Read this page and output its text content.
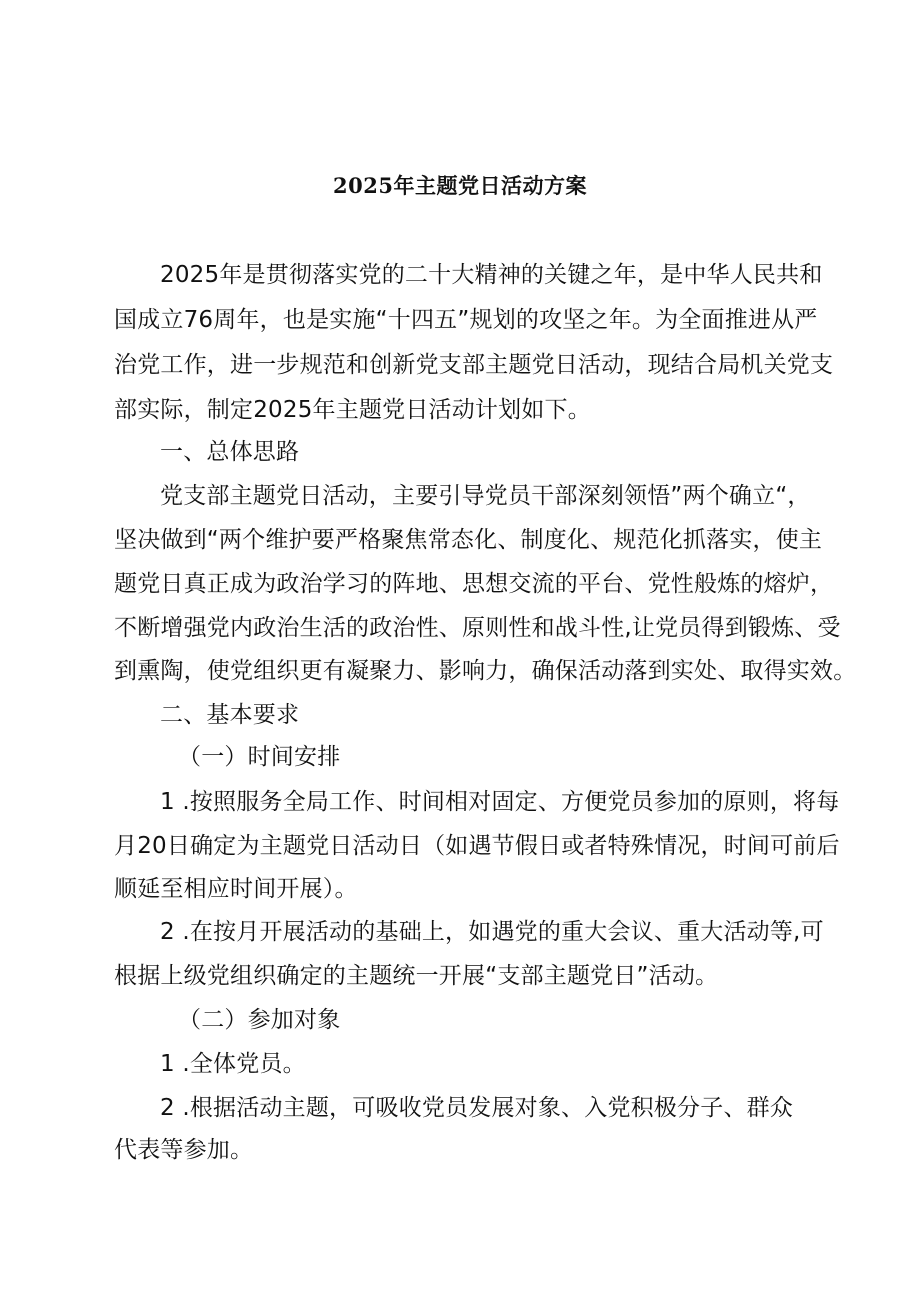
2025年主题党日活动方案
2025年是贯彻落实党的二十大精神的关键之年，是中华人民共和
国成立76周年，也是实施“十四五”规划的攻坚之年。为全面推进从严
治党工作，进一步规范和创新党支部主题党日活动，现结合局机关党支
部实际，制定2025年主题党日活动计划如下。
一、总体思路
党支部主题党日活动，主要引导党员干部深刻领悟”两个确立“，
坚决做到“两个维护要严格聚焦常态化、制度化、规范化抓落实，使主
题党日真正成为政治学习的阵地、思想交流的平台、党性般炼的熔炉，
不断增强党内政治生活的政治性、原则性和战斗性,让党员得到锻炼、受
到熏陶，使党组织更有凝聚力、影响力，确保活动落到实处、取得实效。
二、基本要求
（一）时间安排
1 .按照服务全局工作、时间相对固定、方便党员参加的原则，将每
月20日确定为主题党日活动日（如遇节假日或者特殊情况，时间可前后
顺延至相应时间开展）。
2 .在按月开展活动的基础上，如遇党的重大会议、重大活动等,可
根据上级党组织确定的主题统一开展“支部主题党日”活动。
（二）参加对象
1 .全体党员。
2 .根据活动主题，可吸收党员发展对象、入党积极分子、群众
代表等参加。
